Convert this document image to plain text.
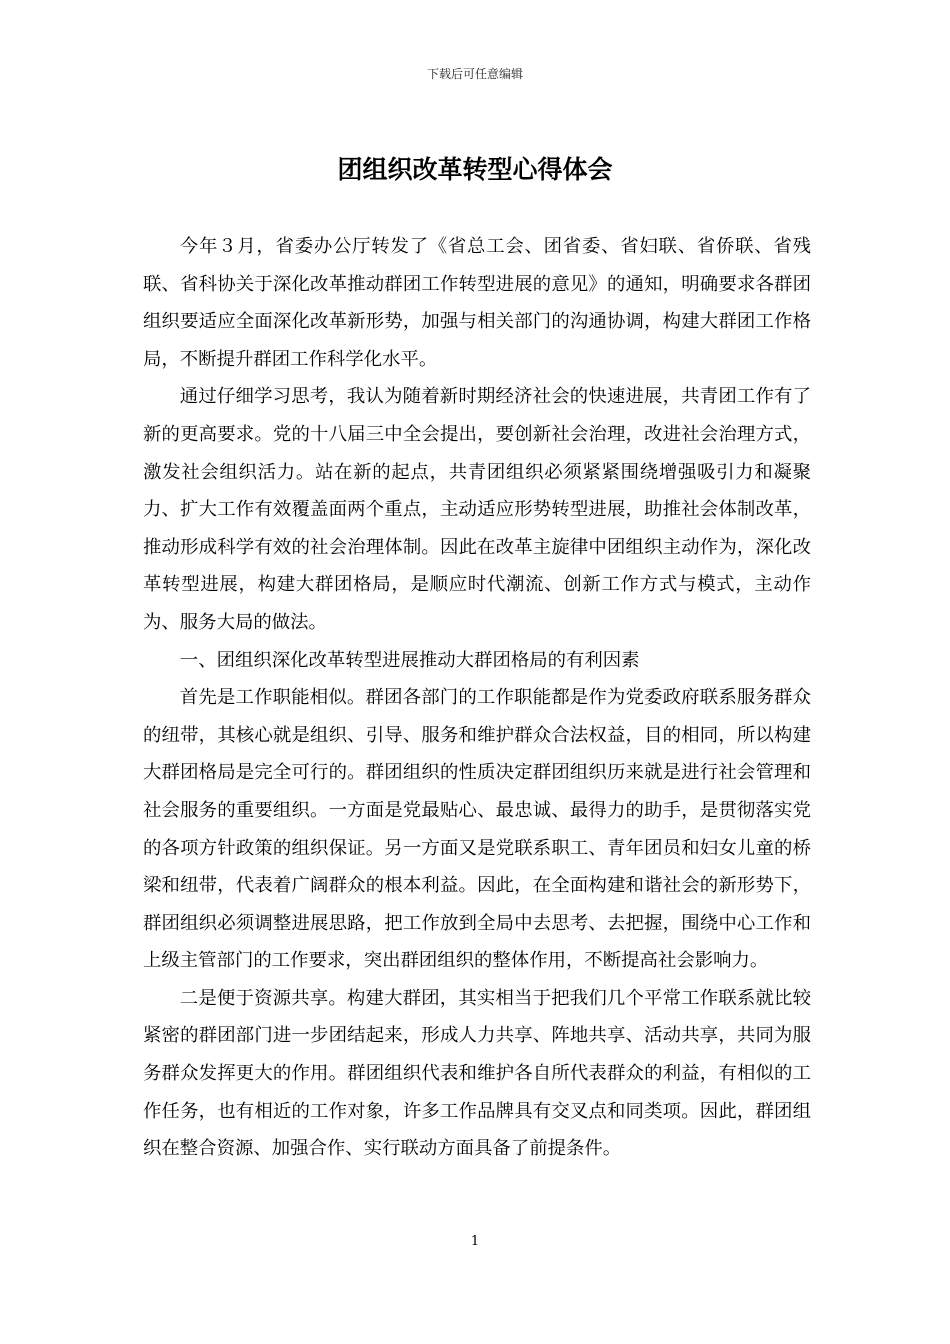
下载后可任意编辑
团组织改革转型心得体会

今年３月，省委办公厅转发了《省总工会、团省委、省妇联、省侨联、省残联、省科协关于深化改革推动群团工作转型进展的意见》的通知，明确要求各群团组织要适应全面深化改革新形势，加强与相关部门的沟通协调，构建大群团工作格局，不断提升群团工作科学化水平。

通过仔细学习思考，我认为随着新时期经济社会的快速进展，共青团工作有了新的更高要求。党的十八届三中全会提出，要创新社会治理，改进社会治理方式，激发社会组织活力。站在新的起点，共青团组织必须紧紧围绕增强吸引力和凝聚力、扩大工作有效覆盖面两个重点，主动适应形势转型进展，助推社会体制改革，推动形成科学有效的社会治理体制。因此在改革主旋律中团组织主动作为，深化改革转型进展，构建大群团格局，是顺应时代潮流、创新工作方式与模式，主动作为、服务大局的做法。

一、团组织深化改革转型进展推动大群团格局的有利因素

首先是工作职能相似。群团各部门的工作职能都是作为党委政府联系服务群众的纽带，其核心就是组织、引导、服务和维护群众合法权益，目的相同，所以构建大群团格局是完全可行的。群团组织的性质决定群团组织历来就是进行社会管理和社会服务的重要组织。一方面是党最贴心、最忠诚、最得力的助手，是贯彻落实党的各项方针政策的组织保证。另一方面又是党联系职工、青年团员和妇女儿童的桥梁和纽带，代表着广阔群众的根本利益。因此，在全面构建和谐社会的新形势下，群团组织必须调整进展思路，把工作放到全局中去思考、去把握，围绕中心工作和上级主管部门的工作要求，突出群团组织的整体作用，不断提高社会影响力。

二是便于资源共享。构建大群团，其实相当于把我们几个平常工作联系就比较紧密的群团部门进一步团结起来，形成人力共享、阵地共享、活动共享，共同为服务群众发挥更大的作用。群团组织代表和维护各自所代表群众的利益，有相似的工作任务，也有相近的工作对象，许多工作品牌具有交叉点和同类项。因此，群团组织在整合资源、加强合作、实行联动方面具备了前提条件。

1
